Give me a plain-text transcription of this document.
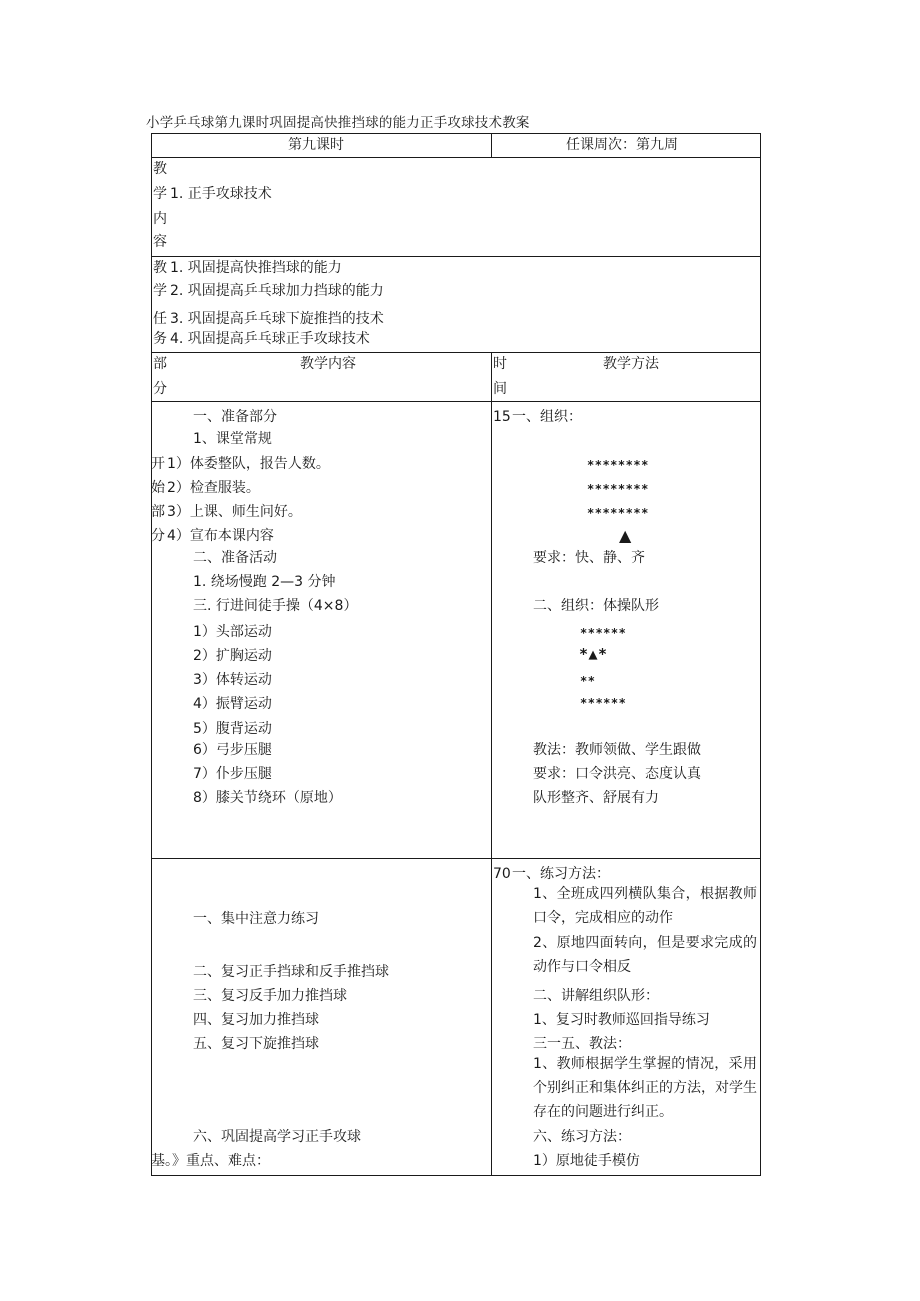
小学乒乓球第九课时巩固提高快推挡球的能力正手攻球技术教案
第九课时	任课周次：第九周
教
学 1. 正手攻球技术
内
容
教 1. 巩固提高快推挡球的能力
学 2. 巩固提高乒乓球加力挡球的能力
任 3. 巩固提高乒乓球下旋推挡的技术
务 4. 巩固提高乒乓球正手攻球技术
部
分
教学内容	时
间
教学方法
一、准备部分
1、课堂常规
开 1）体委整队，报告人数。
始 2）检查服装。
部 3）上课、师生问好。
分 4）宣布本课内容
二、准备活动
1. 绕场慢跑 2—3 分钟
三. 行进间徒手操（4×8）
1）头部运动
2）扩胸运动
3）体转运动
4）振臂运动
5）腹背运动
6）弓步压腿
7）仆步压腿
8）膝关节绕环（原地）
15 一、组织：
********
********
********
▲
要求：快、静、齐
二、组织：体操队形
******
*▲*
**
******
教法：教师领做、学生跟做
要求：口令洪亮、态度认真
队形整齐、舒展有力
一、集中注意力练习
二、复习正手挡球和反手推挡球
三、复习反手加力推挡球
四、复习加力推挡球
五、复习下旋推挡球
六、巩固提高学习正手攻球
基。》重点、难点：
70 一、练习方法：
1、全班成四列横队集合，根据教师口令，完成相应的动作
2、原地四面转向，但是要求完成的动作与口令相反
二、讲解组织队形：
1、复习时教师巡回指导练习
三一五、教法：
1、教师根据学生掌握的情况，采用个别纠正和集体纠正的方法，对学生存在的问题进行纠正。
六、练习方法：
1）原地徒手模仿
